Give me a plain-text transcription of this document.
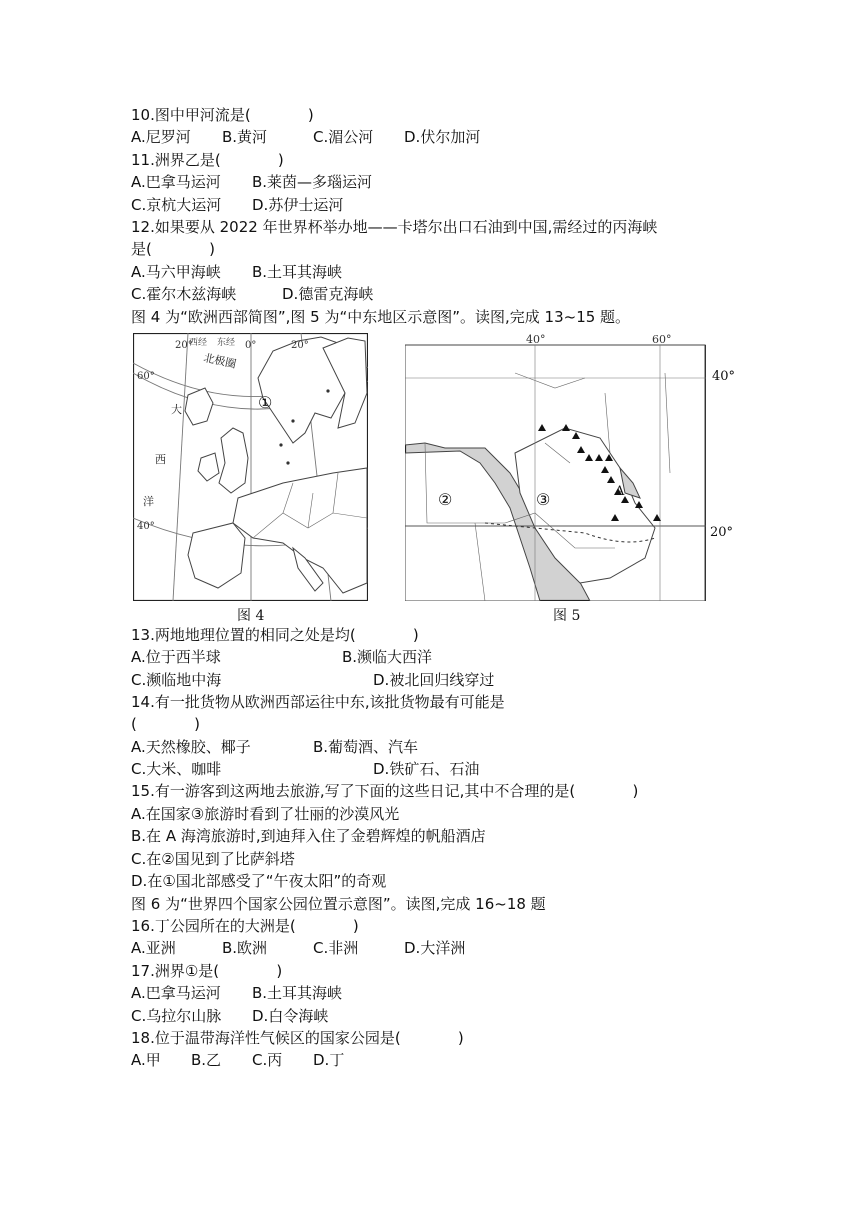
10.图中甲河流是(            )
A.尼罗河 B.黄河	C.湄公河 D.伏尔加河
11.洲界乙是(            )
A.巴拿马运河 B.莱茵—多瑙运河
C.京杭大运河 D.苏伊士运河
12.如果要从 2022 年世界杯举办地——卡塔尔出口石油到中国,需经过的丙海峡
是(            )
A.马六甲海峡 B.土耳其海峡
C.霍尔木兹海峡	D.德雷克海峡
图 4 为“欧洲西部简图”,图 5 为“中东地区示意图”。读图,完成 13~15 题。
西经 东经
20°	0°	20°
北极圈
60°
40°
大
西
洋
①
图 4
40°	60°
②	③	A
40°
20°
图 5
13.两地地理位置的相同之处是均(            )
A.位于西半球	B.濒临大西洋
C.濒临地中海	D.被北回归线穿过
14.有一批货物从欧洲西部运往中东,该批货物最有可能是
(            )
A.天然橡胶、椰子	B.葡萄酒、汽车
C.大米、咖啡	D.铁矿石、石油
15.有一游客到这两地去旅游,写了下面的这些日记,其中不合理的是(            )
A.在国家③旅游时看到了壮丽的沙漠风光
B.在 A 海湾旅游时,到迪拜入住了金碧辉煌的帆船酒店
C.在②国见到了比萨斜塔
D.在①国北部感受了“午夜太阳”的奇观
图 6 为“世界四个国家公园位置示意图”。读图,完成 16~18 题
16.丁公园所在的大洲是(            )
A.亚洲	B.欧洲	C.非洲	D.大洋洲
17.洲界①是(            )
A.巴拿马运河 B.土耳其海峡
C.乌拉尔山脉 D.白令海峡
18.位于温带海洋性气候区的国家公园是(            )
A.甲 B.乙 C.丙 D.丁
